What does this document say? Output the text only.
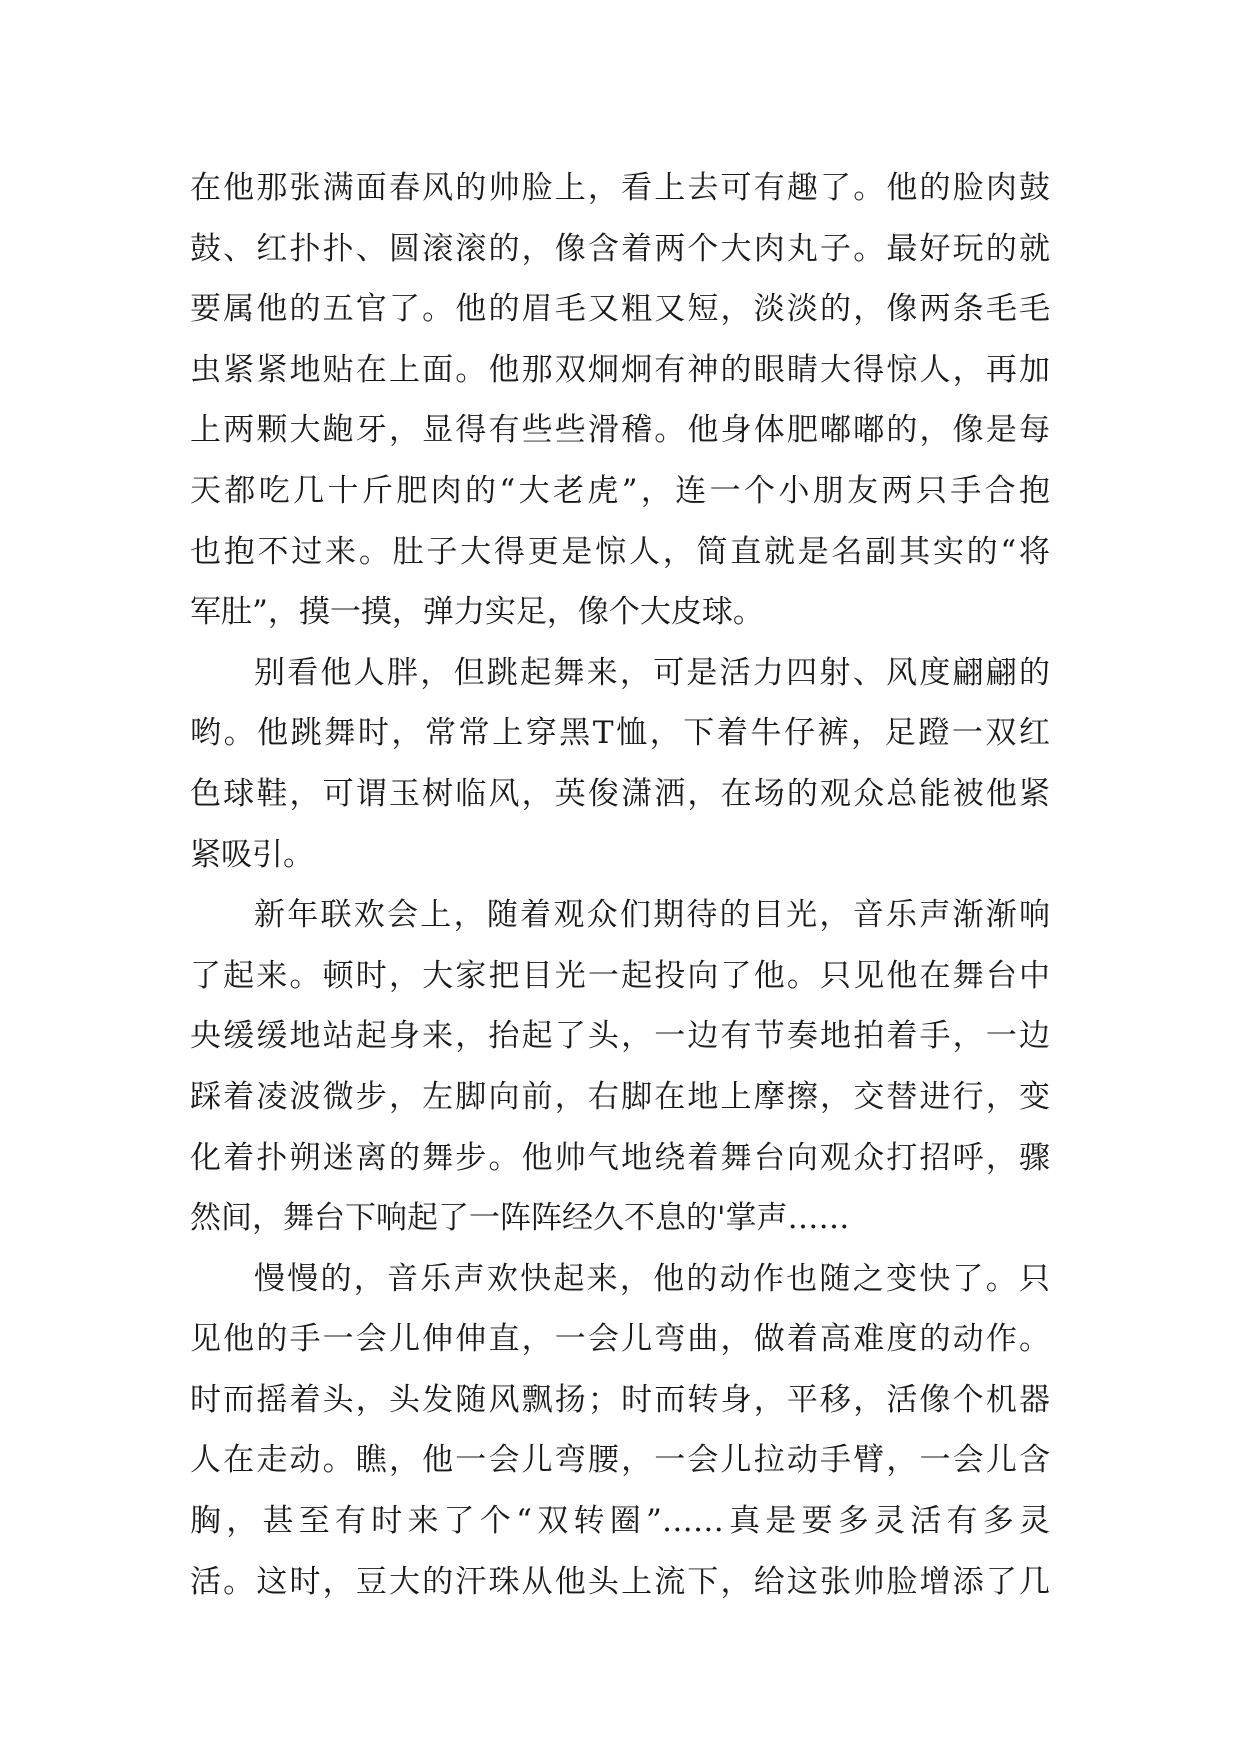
在他那张满面春风的帅脸上，看上去可有趣了。他的脸肉鼓
鼓、红扑扑、圆滚滚的，像含着两个大肉丸子。最好玩的就
要属他的五官了。他的眉毛又粗又短，淡淡的，像两条毛毛
虫紧紧地贴在上面。他那双炯炯有神的眼睛大得惊人，再加
上两颗大龅牙，显得有些些滑稽。他身体肥嘟嘟的，像是每
天都吃几十斤肥肉的“大老虎”，连一个小朋友两只手合抱
也抱不过来。肚子大得更是惊人，简直就是名副其实的“将
军肚”，摸一摸，弹力实足，像个大皮球。
别看他人胖，但跳起舞来，可是活力四射、风度翩翩的
哟。他跳舞时，常常上穿黑T恤，下着牛仔裤，足蹬一双红
色球鞋，可谓玉树临风，英俊潇洒，在场的观众总能被他紧
紧吸引。
新年联欢会上，随着观众们期待的目光，音乐声渐渐响
了起来。顿时，大家把目光一起投向了他。只见他在舞台中
央缓缓地站起身来，抬起了头，一边有节奏地拍着手，一边
踩着凌波微步，左脚向前，右脚在地上摩擦，交替进行，变
化着扑朔迷离的舞步。他帅气地绕着舞台向观众打招呼，骤
然间，舞台下响起了一阵阵经久不息的'掌声……
慢慢的，音乐声欢快起来，他的动作也随之变快了。只
见他的手一会儿伸伸直，一会儿弯曲，做着高难度的动作。
时而摇着头，头发随风飘扬；时而转身，平移，活像个机器
人在走动。瞧，他一会儿弯腰，一会儿拉动手臂，一会儿含
胸，甚至有时来了个“双转圈”……真是要多灵活有多灵
活。这时，豆大的汗珠从他头上流下，给这张帅脸增添了几
